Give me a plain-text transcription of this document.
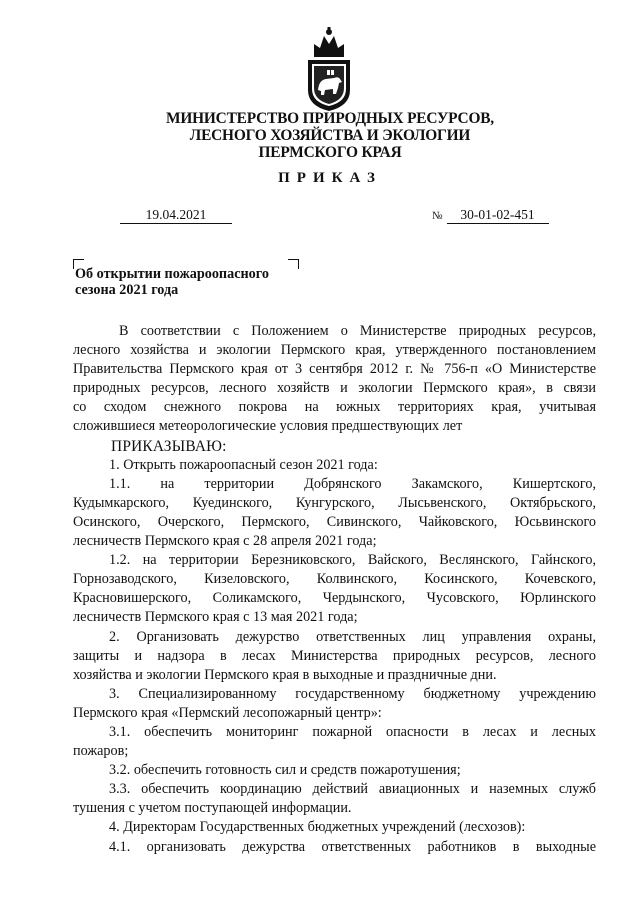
МИНИСТЕРСТВО ПРИРОДНЫХ РЕСУРСОВ,
ЛЕСНОГО ХОЗЯЙСТВА И ЭКОЛОГИИ
ПЕРМСКОГО КРАЯ
ПРИКАЗ
19.04.2021	№ 30-01-02-451
Об открытии пожароопасного
сезона 2021 года
В соответствии с Положением о Министерстве природных ресурсов,
лесного хозяйства и экологии Пермского края, утвержденного постановлением
Правительства Пермского края от 3 сентября 2012 г. № 756-п «О Министерстве
природных ресурсов, лесного хозяйств и экологии Пермского края», в связи
со сходом снежного покрова на южных территориях края, учитывая
сложившиеся метеорологические условия предшествующих лет
ПРИКАЗЫВАЮ:
1. Открыть пожароопасный сезон 2021 года:
1.1. на территории Добрянского Закамского, Кишертского,
Кудымкарского, Куединского, Кунгурского, Лысьвенского, Октябрьского,
Осинского, Очерского, Пермского, Сивинского, Чайковского, Юсьвинского
лесничеств Пермского края с 28 апреля 2021 года;
1.2. на территории Березниковского, Вайского, Веслянского, Гайнского,
Горнозаводского, Кизеловского, Колвинского, Косинского, Кочевского,
Красновишерского, Соликамского, Чердынского, Чусовского, Юрлинского
лесничеств Пермского края с 13 мая 2021 года;
2. Организовать дежурство ответственных лиц управления охраны,
защиты и надзора в лесах Министерства природных ресурсов, лесного
хозяйства и экологии Пермского края в выходные и праздничные дни.
3. Специализированному государственному бюджетному учреждению
Пермского края «Пермский лесопожарный центр»:
3.1. обеспечить мониторинг пожарной опасности в лесах и лесных
пожаров;
3.2. обеспечить готовность сил и средств пожаротушения;
3.3. обеспечить координацию действий авиационных и наземных служб
тушения с учетом поступающей информации.
4. Директорам Государственных бюджетных учреждений (лесхозов):
4.1. организовать дежурства ответственных работников в выходные
